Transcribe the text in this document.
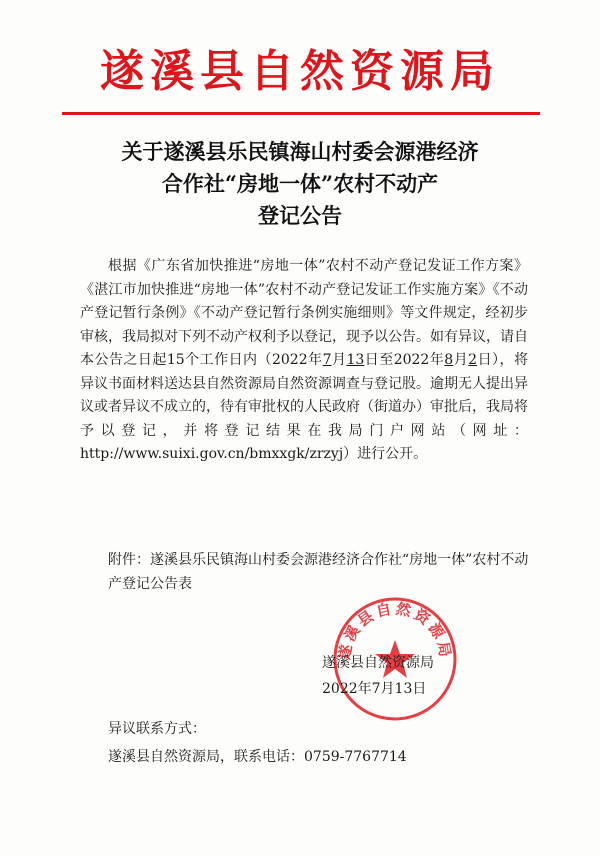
遂溪县自然资源局
关于遂溪县乐民镇海山村委会源港经济
合作社“房地一体”农村不动产
登记公告
根据《广东省加快推进“房地一体”农村不动产登记发证工作方案》《湛江市加快推进“房地一体”农村不动产登记发证工作实施方案》《不动产登记暂行条例》《不动产登记暂行条例实施细则》等文件规定，经初步审核，我局拟对下列不动产权利予以登记，现予以公告。如有异议，请自本公告之日起15个工作日内（2022年7月13日至2022年8月2日），将异议书面材料送达县自然资源局自然资源调查与登记股。逾期无人提出异议或者异议不成立的，待有审批权的人民政府（街道办）审批后，我局将予以登记，并将登记结果在我局门户网站（网址：http://www.suixi.gov.cn/bmxxgk/zrzyj）进行公开。
附件：遂溪县乐民镇海山村委会源港经济合作社“房地一体”农村不动产登记公告表
遂溪县自然资源局
遂溪县自然资源局
2022年7月13日
异议联系方式：
遂溪县自然资源局，联系电话：0759-7767714
